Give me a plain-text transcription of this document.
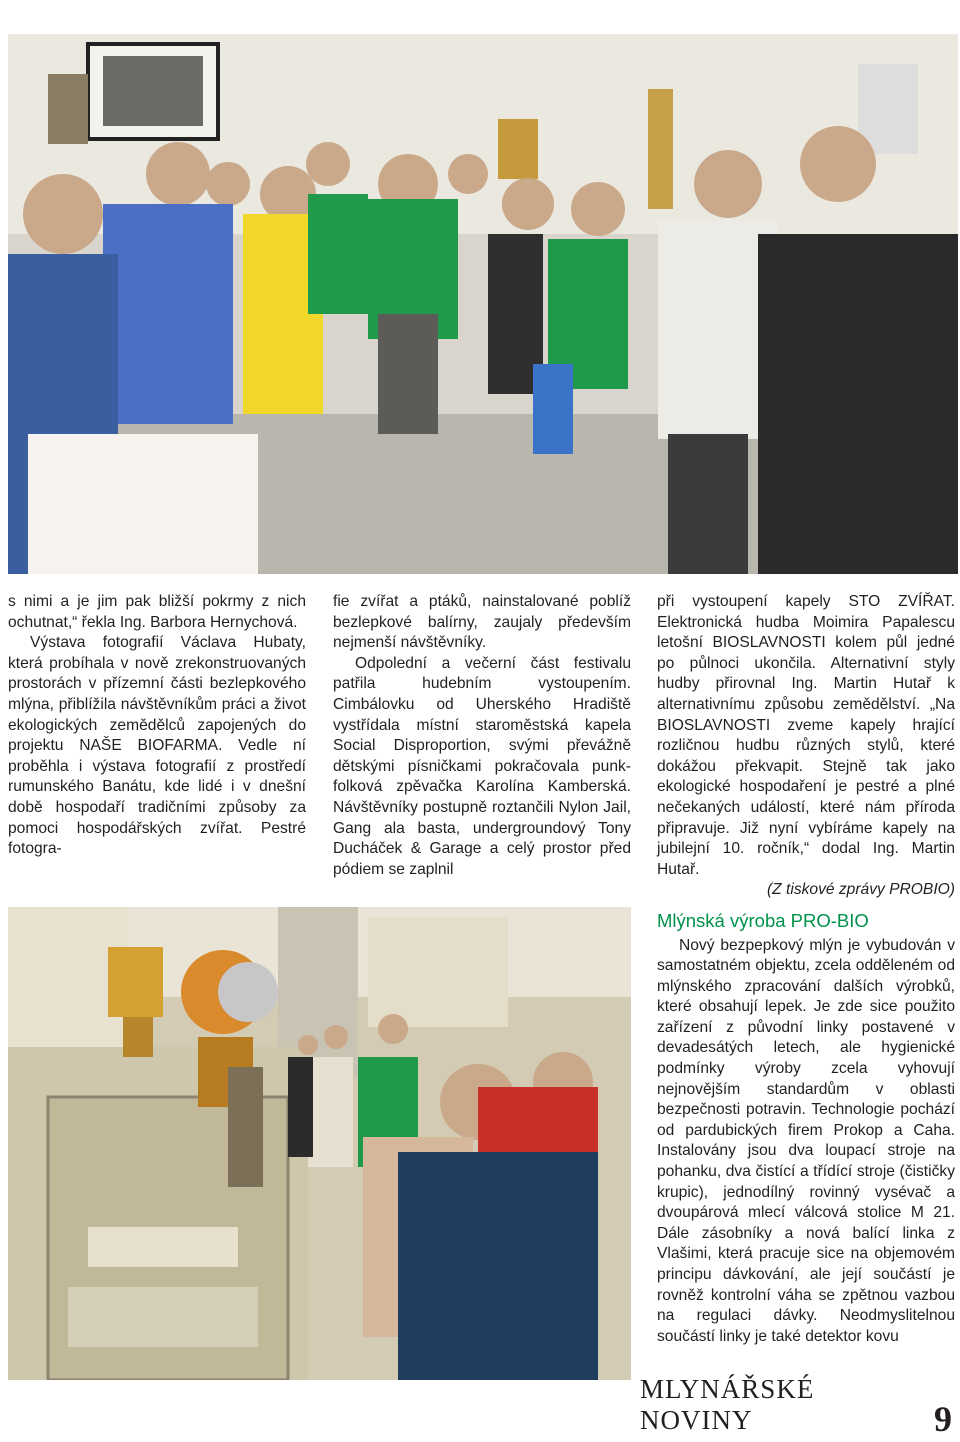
s nimi a je jim pak bližší pokrmy z nich ochutnat,“ řekla Ing. Barbora Hernychová.

Výstava fotografií Václava Hubaty, která probíhala v nově zrekonstruovaných prostorách v přízemní části bezlepkového mlýna, přiblížila návštěvníkům práci a život ekologických zemědělců zapojených do projektu NAŠE BIOFARMA. Vedle ní proběhla i výstava fotografií z prostředí rumunského Banátu, kde lidé i v dnešní době hospodaří tradičními způsoby za pomoci hospodářských zvířat. Pestré fotogra-

fie zvířat a ptáků, nainstalované poblíž bezlepkové balírny, zaujaly především nejmenší návštěvníky.

Odpolední a večerní část festivalu patřila hudebním vystoupením. Cimbálovku od Uherského Hradiště vystřídala místní staroměstská kapela Social Disproportion, svými převážně dětskými písničkami pokračovala punk-folková zpěvačka Karolína Kamberská. Návštěvníky postupně roztančili Nylon Jail, Gang ala basta, undergroundový Tony Ducháček & Garage a celý prostor před pódiem se zaplnil

při vystoupení kapely STO ZVÍŘAT. Elektronická hudba Moimira Papalescu letošní BIOSLAVNOSTI kolem půl jedné po půlnoci ukončila. Alternativní styly hudby přirovnal Ing. Martin Hutař k alternativnímu způsobu zemědělství. „Na BIOSLAVNOSTI zveme kapely hrající rozličnou hudbu různých stylů, které dokážou překvapit. Stejně tak jako ekologické hospodaření je pestré a plné nečekaných událostí, které nám příroda připravuje. Již nyní vybíráme kapely na jubilejní 10. ročník,“ dodal Ing. Martin Hutař.

(Z tiskové zprávy PROBIO)

Mlýnská výroba PRO-BIO

Nový bezpepkový mlýn je vybudován v samostatném objektu, zcela odděleném od mlýnského zpracování dalších výrobků, které obsahují lepek. Je zde sice použito zařízení z původní linky postavené v devadesátých letech, ale hygienické podmínky výroby zcela vyhovují nejnovějším standardům v oblasti bezpečnosti potravin. Technologie pochází od pardubických firem Prokop a Caha. Instalovány jsou dva loupací stroje na pohanku, dva čistící a třídící stroje (čističky krupic), jednodílný rovinný vysévač a dvoupárová mlecí válcová stolice M 21. Dále zásobníky a nová balící linka z Vlašimi, která pracuje sice na objemovém principu dávkování, ale její součástí je rovněž kontrolní váha se zpětnou vazbou na regulaci dávky. Neodmyslitelnou součástí linky je také detektor kovu

MLYNÁŘSKÉ NOVINY	9
